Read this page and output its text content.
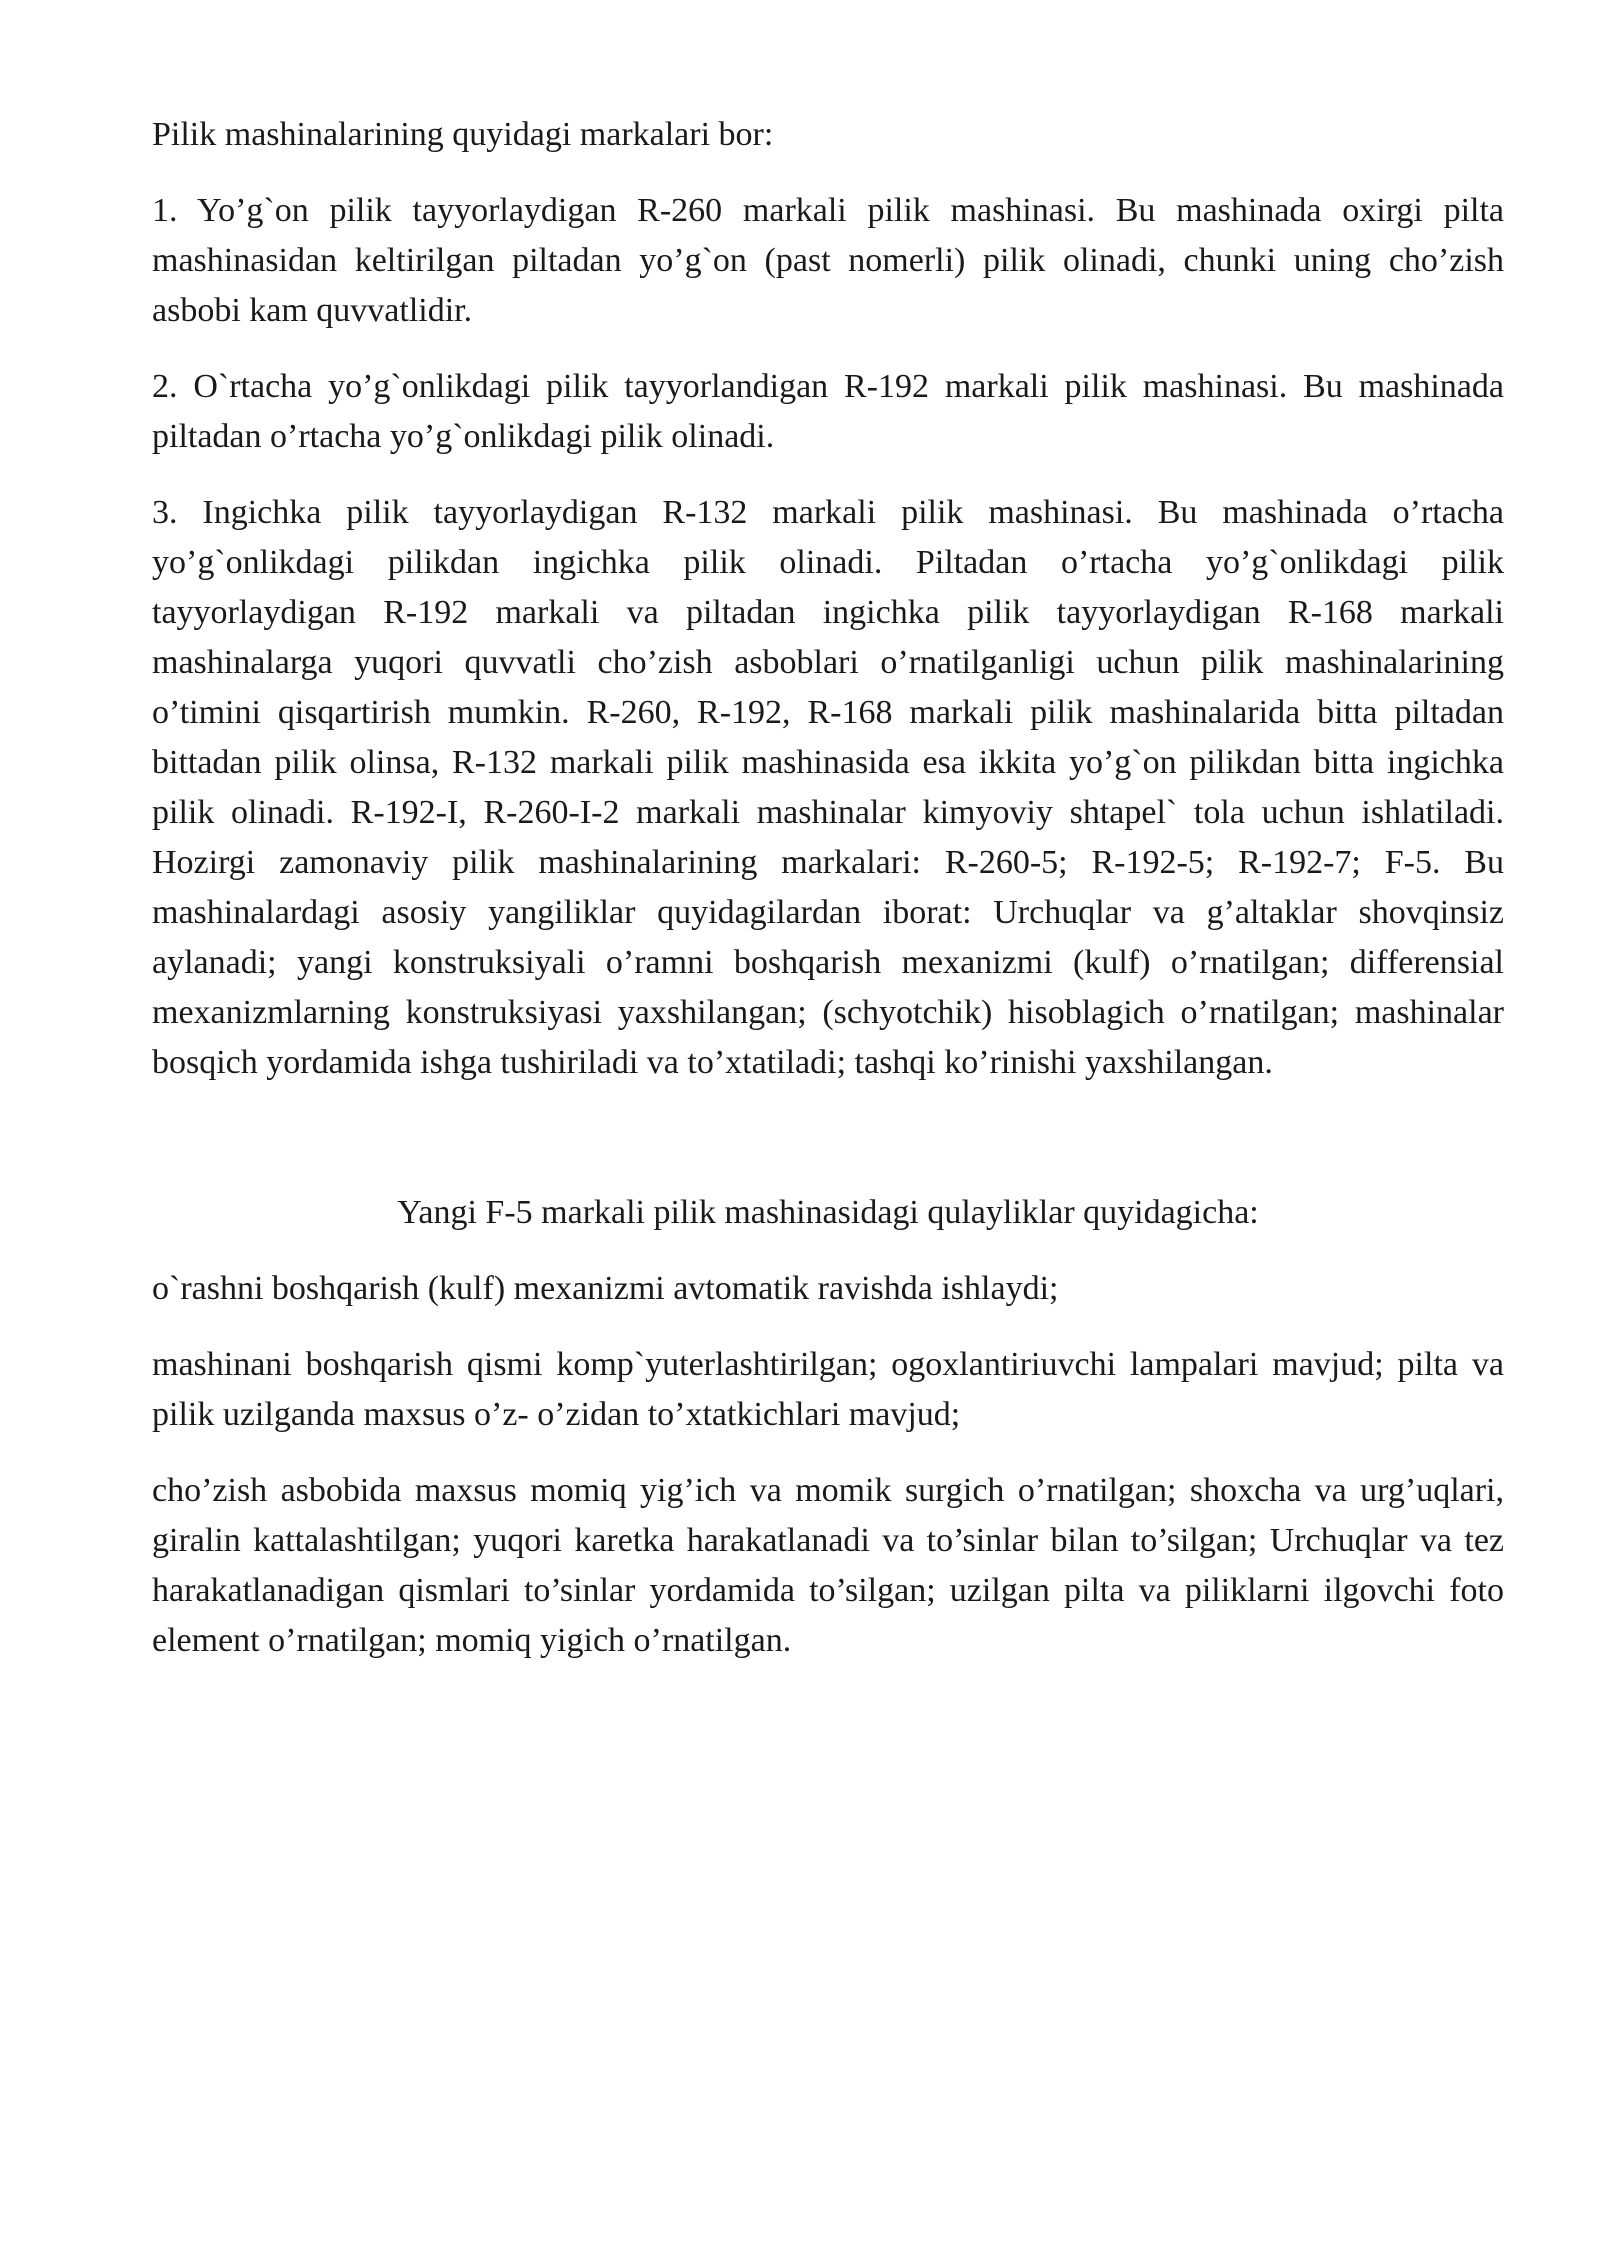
Pilik mashinalarining quyidagi markalari bor:

1. Yo’g`on pilik tayyorlaydigan R-260 markali pilik mashinasi. Bu mashinada oxirgi pilta mashinasidan keltirilgan piltadan yo’g`on (past nomerli) pilik olinadi, chunki uning cho’zish asbobi kam quvvatlidir.

2. O`rtacha yo’g`onlikdagi pilik tayyorlandigan R-192 markali pilik mashinasi. Bu mashinada piltadan o’rtacha yo’g`onlikdagi pilik olinadi.

3. Ingichka pilik tayyorlaydigan R-132 markali pilik mashinasi. Bu mashinada o’rtacha yo’g`onlikdagi pilikdan ingichka pilik olinadi. Piltadan o’rtacha yo’g`onlikdagi pilik tayyorlaydigan R-192 markali va piltadan ingichka pilik tayyorlaydigan R-168 markali mashinalarga yuqori quvvatli cho’zish asboblari o’rnatilganligi uchun pilik mashinalarining o’timini qisqartirish mumkin. R-260, R-192, R-168 markali pilik mashinalarida bitta piltadan bittadan pilik olinsa, R-132 markali pilik mashinasida esa ikkita yo’g`on pilikdan bitta ingichka pilik olinadi. R-192-I, R-260-I-2 markali mashinalar kimyoviy shtapel` tola uchun ishlatiladi. Hozirgi zamonaviy pilik mashinalarining markalari: R-260-5; R-192-5; R-192-7; F-5. Bu mashinalardagi asosiy yangiliklar quyidagilardan iborat: Urchuqlar va g’altaklar shovqinsiz aylanadi; yangi konstruksiyali o’ramni boshqarish mexanizmi (kulf) o’rnatilgan; differensial mexanizmlarning konstruksiyasi yaxshilangan; (schyotchik) hisoblagich o’rnatilgan; mashinalar bosqich yordamida ishga tushiriladi va to’xtatiladi; tashqi ko’rinishi yaxshilangan.

Yangi F-5 markali pilik mashinasidagi qulayliklar quyidagicha:

o`rashni boshqarish (kulf) mexanizmi avtomatik ravishda ishlaydi;

mashinani boshqarish qismi komp`yuterlashtirilgan; ogoxlantiriuvchi lampalari mavjud; pilta va pilik uzilganda maxsus o’z- o’zidan to’xtatkichlari mavjud;

cho’zish asbobida maxsus momiq yig’ich va momik surgich o’rnatilgan; shoxcha va urg’uqlari, giralin kattalashtilgan; yuqori karetka harakatlanadi va to’sinlar bilan to’silgan; Urchuqlar va tez harakatlanadigan qismlari to’sinlar yordamida to’silgan; uzilgan pilta va piliklarni ilgovchi foto element o’rnatilgan; momiq yigich o’rnatilgan.
